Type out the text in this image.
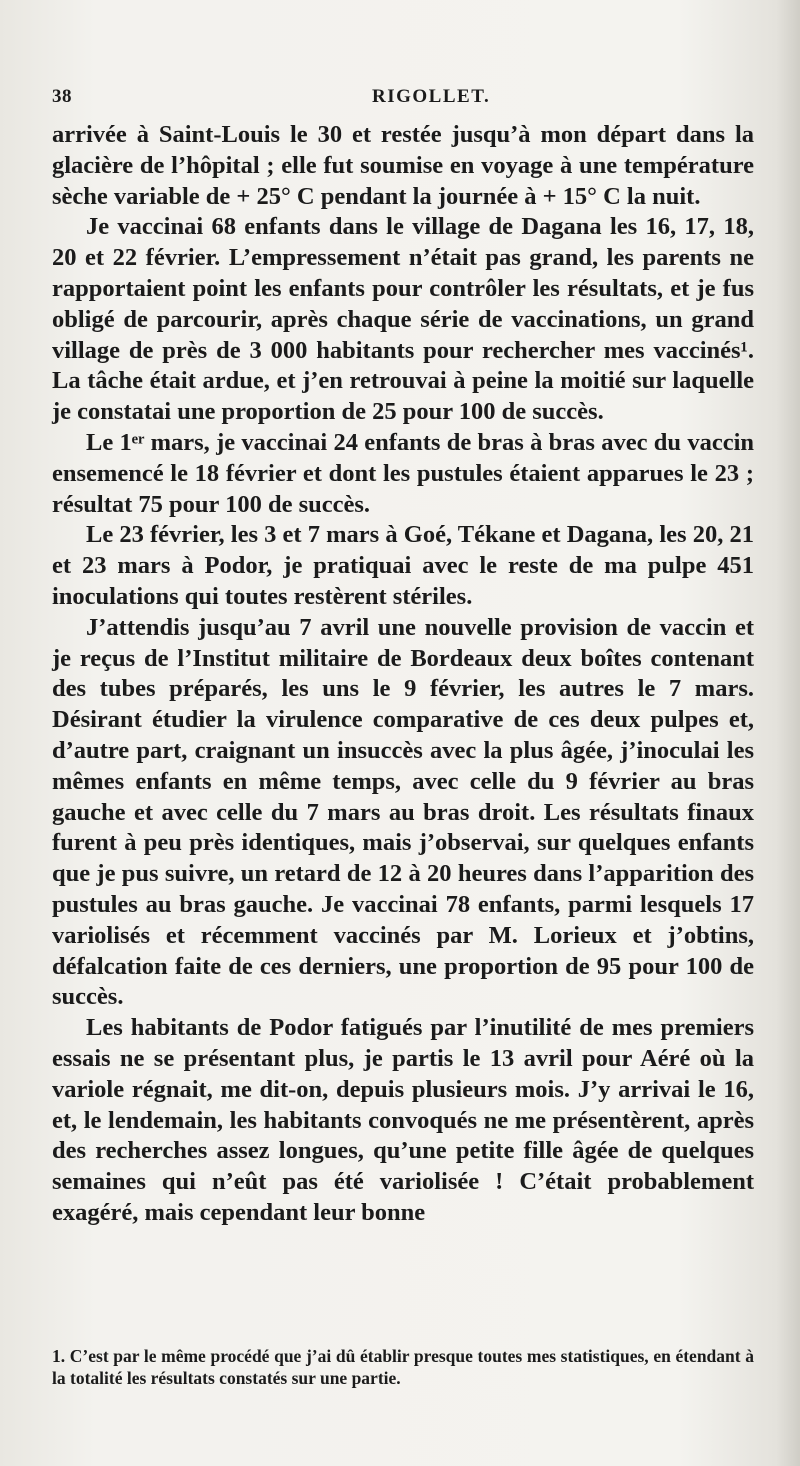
38	RIGOLLET.

arrivée à Saint-Louis le 30 et restée jusqu’à mon départ dans la glacière de l’hôpital ; elle fut soumise en voyage à une température sèche variable de + 25° C pendant la journée à + 15° C la nuit.

Je vaccinai 68 enfants dans le village de Dagana les 16, 17, 18, 20 et 22 février. L’empressement n’était pas grand, les parents ne rapportaient point les enfants pour contrôler les résultats, et je fus obligé de parcourir, après chaque série de vaccinations, un grand village de près de 3 000 habitants pour rechercher mes vaccinés¹. La tâche était ardue, et j’en retrouvai à peine la moitié sur laquelle je constatai une proportion de 25 pour 100 de succès.

Le 1ᵉʳ mars, je vaccinai 24 enfants de bras à bras avec du vaccin ensemencé le 18 février et dont les pustules étaient apparues le 23 ; résultat 75 pour 100 de succès.

Le 23 février, les 3 et 7 mars à Goé, Tékane et Dagana, les 20, 21 et 23 mars à Podor, je pratiquai avec le reste de ma pulpe 451 inoculations qui toutes restèrent stériles.

J’attendis jusqu’au 7 avril une nouvelle provision de vaccin et je reçus de l’Institut militaire de Bordeaux deux boîtes contenant des tubes préparés, les uns le 9 février, les autres le 7 mars. Désirant étudier la virulence comparative de ces deux pulpes et, d’autre part, craignant un insuccès avec la plus âgée, j’inoculai les mêmes enfants en même temps, avec celle du 9 février au bras gauche et avec celle du 7 mars au bras droit. Les résultats finaux furent à peu près identiques, mais j’observai, sur quelques enfants que je pus suivre, un retard de 12 à 20 heures dans l’apparition des pustules au bras gauche. Je vaccinai 78 enfants, parmi lesquels 17 variolisés et récemment vaccinés par M. Lorieux et j’obtins, défalcation faite de ces derniers, une proportion de 95 pour 100 de succès.

Les habitants de Podor fatigués par l’inutilité de mes premiers essais ne se présentant plus, je partis le 13 avril pour Aéré où la variole régnait, me dit-on, depuis plusieurs mois. J’y arrivai le 16, et, le lendemain, les habitants convoqués ne me présentèrent, après des recherches assez longues, qu’une petite fille âgée de quelques semaines qui n’eût pas été variolisée ! C’était probablement exagéré, mais cependant leur bonne

1. C’est par le même procédé que j’ai dû établir presque toutes mes statistiques, en étendant à la totalité les résultats constatés sur une partie.
